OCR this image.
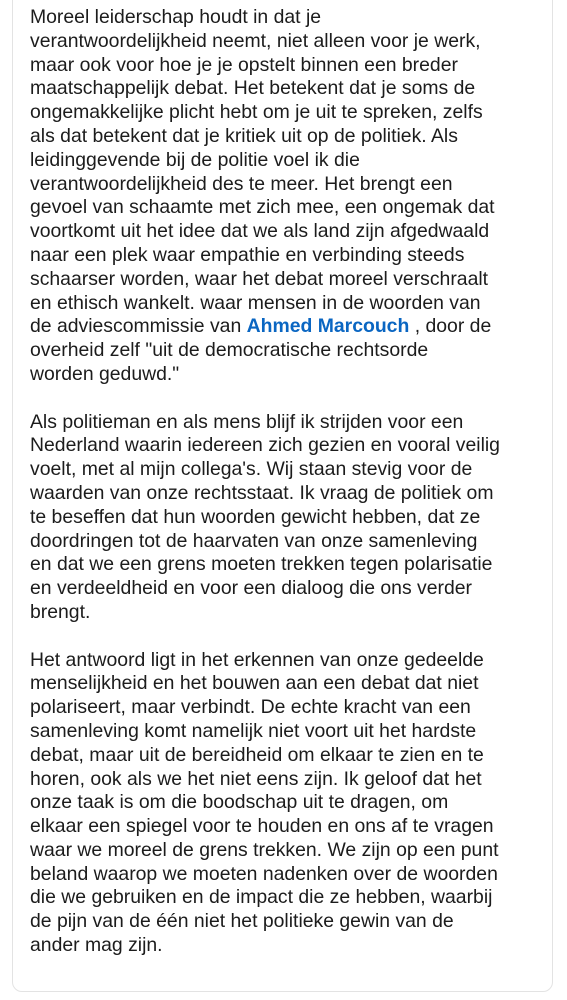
Moreel leiderschap houdt in dat je
verantwoordelijkheid neemt, niet alleen voor je werk,
maar ook voor hoe je je opstelt binnen een breder
maatschappelijk debat. Het betekent dat je soms de
ongemakkelijke plicht hebt om je uit te spreken, zelfs
als dat betekent dat je kritiek uit op de politiek. Als
leidinggevende bij de politie voel ik die
verantwoordelijkheid des te meer. Het brengt een
gevoel van schaamte met zich mee, een ongemak dat
voortkomt uit het idee dat we als land zijn afgedwaald
naar een plek waar empathie en verbinding steeds
schaarser worden, waar het debat moreel verschraalt
en ethisch wankelt. waar mensen in de woorden van
de adviescommissie van Ahmed Marcouch , door de
overheid zelf "uit de democratische rechtsorde
worden geduwd."
Als politieman en als mens blijf ik strijden voor een
Nederland waarin iedereen zich gezien en vooral veilig
voelt, met al mijn collega's. Wij staan stevig voor de
waarden van onze rechtsstaat. Ik vraag de politiek om
te beseffen dat hun woorden gewicht hebben, dat ze
doordringen tot de haarvaten van onze samenleving
en dat we een grens moeten trekken tegen polarisatie
en verdeeldheid en voor een dialoog die ons verder
brengt.
Het antwoord ligt in het erkennen van onze gedeelde
menselijkheid en het bouwen aan een debat dat niet
polariseert, maar verbindt. De echte kracht van een
samenleving komt namelijk niet voort uit het hardste
debat, maar uit de bereidheid om elkaar te zien en te
horen, ook als we het niet eens zijn. Ik geloof dat het
onze taak is om die boodschap uit te dragen, om
elkaar een spiegel voor te houden en ons af te vragen
waar we moreel de grens trekken. We zijn op een punt
beland waarop we moeten nadenken over de woorden
die we gebruiken en de impact die ze hebben, waarbij
de pijn van de één niet het politieke gewin van de
ander mag zijn.
